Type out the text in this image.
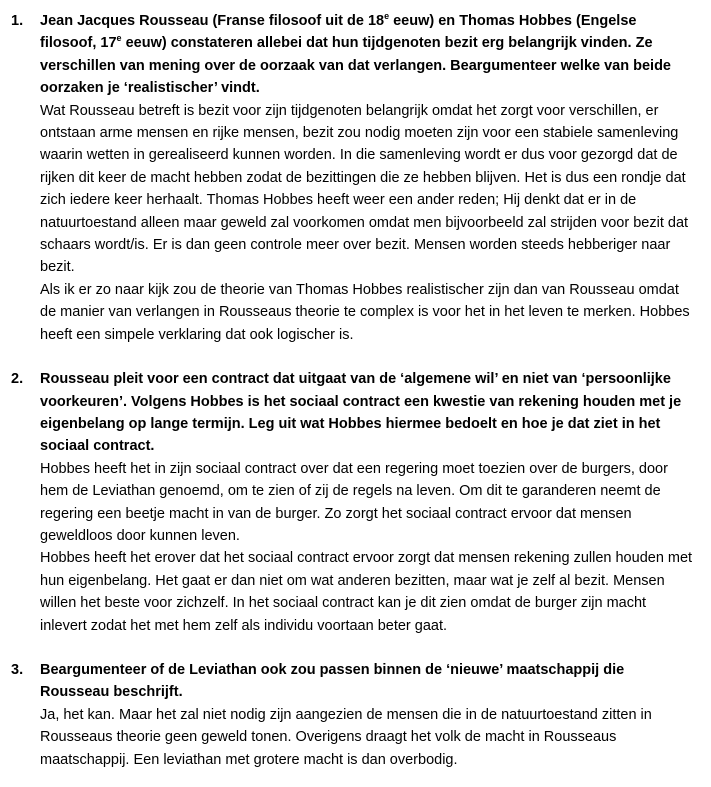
1. Jean Jacques Rousseau (Franse filosoof uit de 18e eeuw) en Thomas Hobbes (Engelse filosoof, 17e eeuw) constateren allebei dat hun tijdgenoten bezit erg belangrijk vinden. Ze verschillen van mening over de oorzaak van dat verlangen. Beargumenteer welke van beide oorzaken je ‘realistischer’ vindt.

Wat Rousseau betreft is bezit voor zijn tijdgenoten belangrijk omdat het zorgt voor verschillen, er ontstaan arme mensen en rijke mensen, bezit zou nodig moeten zijn voor een stabiele samenleving waarin wetten in gerealiseerd kunnen worden. In die samenleving wordt er dus voor gezorgd dat de rijken dit keer de macht hebben zodat de bezittingen die ze hebben blijven. Het is dus een rondje dat zich iedere keer herhaalt. Thomas Hobbes heeft weer een ander reden; Hij denkt dat er in de natuurtoestand alleen maar geweld zal voorkomen omdat men bijvoorbeeld zal strijden voor bezit dat schaars wordt/is. Er is dan geen controle meer over bezit. Mensen worden steeds hebberiger naar bezit.

Als ik er zo naar kijk zou de theorie van Thomas Hobbes realistischer zijn dan van Rousseau omdat de manier van verlangen in Rousseaus theorie te complex is voor het in het leven te merken. Hobbes heeft een simpele verklaring dat ook logischer is.

2. Rousseau pleit voor een contract dat uitgaat van de ‘algemene wil’ en niet van ‘persoonlijke voorkeuren’. Volgens Hobbes is het sociaal contract een kwestie van rekening houden met je eigenbelang op lange termijn. Leg uit wat Hobbes hiermee bedoelt en hoe je dat ziet in het sociaal contract.

Hobbes heeft het in zijn sociaal contract over dat een regering moet toezien over de burgers, door hem de Leviathan genoemd, om te zien of zij de regels na leven. Om dit te garanderen neemt de regering een beetje macht in van de burger. Zo zorgt het sociaal contract ervoor dat mensen geweldloos door kunnen leven.

Hobbes heeft het erover dat het sociaal contract ervoor zorgt dat mensen rekening zullen houden met hun eigenbelang. Het gaat er dan niet om wat anderen bezitten, maar wat je zelf al bezit. Mensen willen het beste voor zichzelf. In het sociaal contract kan je dit zien omdat de burger zijn macht inlevert zodat het met hem zelf als individu voortaan beter gaat.

3. Beargumenteer of de Leviathan ook zou passen binnen de ‘nieuwe’ maatschappij die Rousseau beschrijft.

Ja, het kan. Maar het zal niet nodig zijn aangezien de mensen die in de natuurtoestand zitten in Rousseaus theorie geen geweld tonen. Overigens draagt het volk de macht in Rousseaus maatschappij. Een leviathan met grotere macht is dan overbodig.
